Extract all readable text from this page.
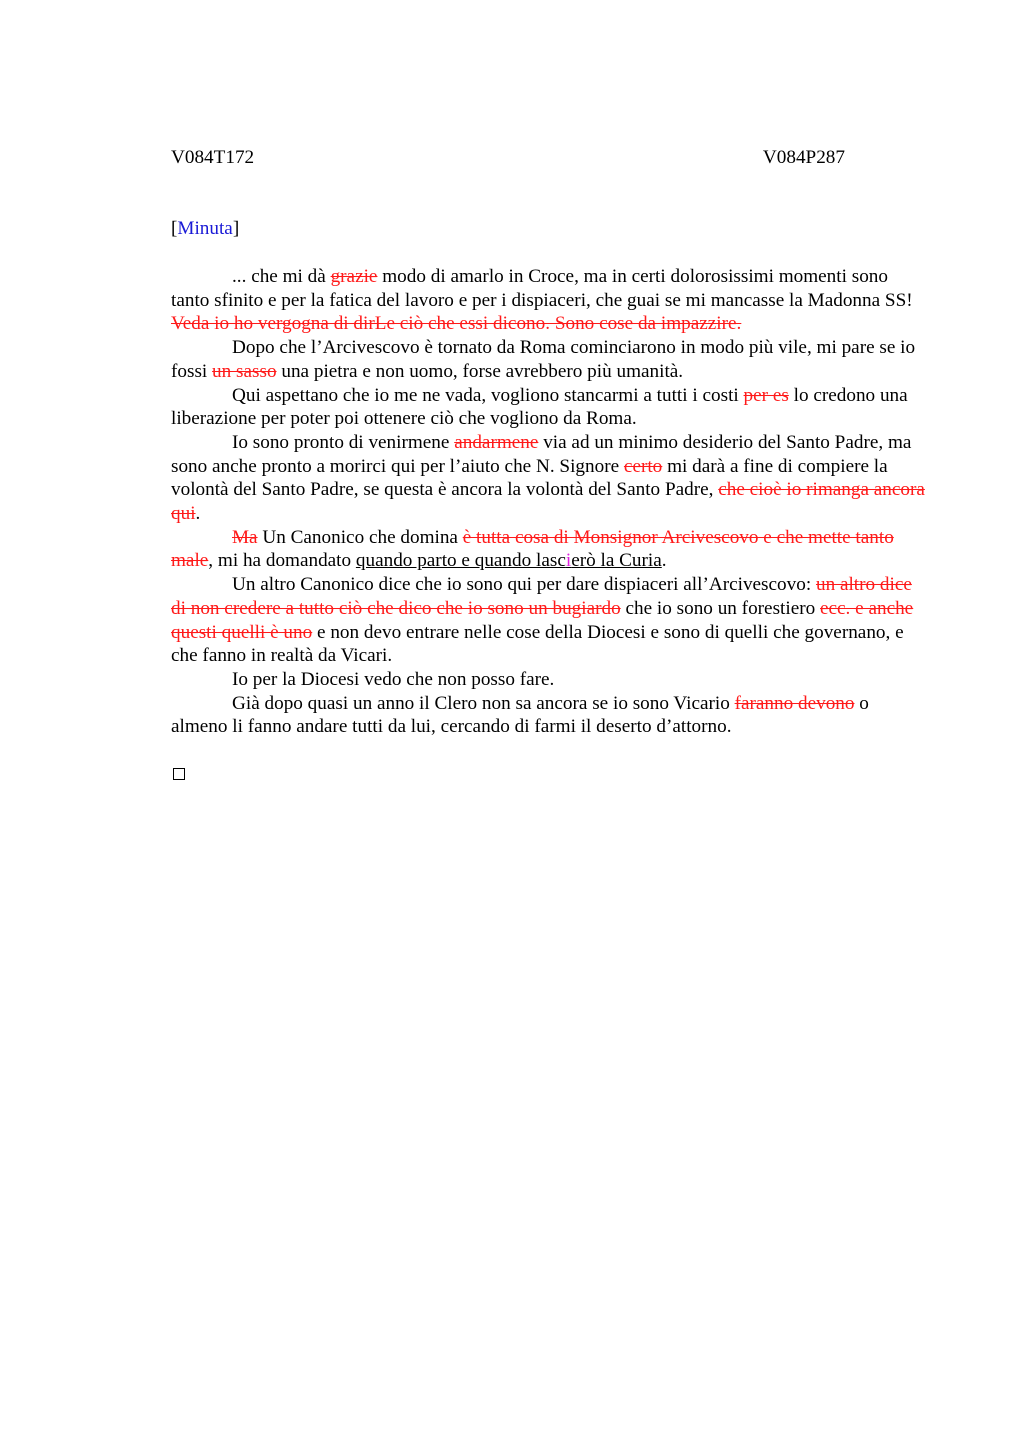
V084T172	V084P287
[Minuta]

... che mi dà grazie modo di amarlo in Croce, ma in certi dolorosissimi momenti sono tanto sfinito e per la fatica del lavoro e per i dispiaceri, che guai se mi mancasse la Madonna SS! Veda io ho vergogna di dirLe ciò che essi dicono. Sono cose da impazzire.

Dopo che l’Arcivescovo è tornato da Roma cominciarono in modo più vile, mi pare se io fossi un sasso una pietra e non uomo, forse avrebbero più umanità.

Qui aspettano che io me ne vada, vogliono stancarmi a tutti i costi per es lo credono una liberazione per poter poi ottenere ciò che vogliono da Roma.

Io sono pronto di venirmene andarmene via ad un minimo desiderio del Santo Padre, ma sono anche pronto a morirci qui per l’aiuto che N. Signore certo mi darà a fine di compiere la volontà del Santo Padre, se questa è ancora la volontà del Santo Padre, che cioè io rimanga ancora qui.

Ma Un Canonico che domina è tutta cosa di Monsignor Arcivescovo e che mette tanto male, mi ha domandato quando parto e quando lascierò la Curia.

Un altro Canonico dice che io sono qui per dare dispiaceri all’Arcivescovo: un altro dice di non credere a tutto ciò che dico che io sono un bugiardo che io sono un forestiero ecc. e anche questi quelli è uno e non devo entrare nelle cose della Diocesi e sono di quelli che governano, e che fanno in realtà da Vicari.

Io per la Diocesi vedo che non posso fare.

Già dopo quasi un anno il Clero non sa ancora se io sono Vicario faranno devono o almeno li fanno andare tutti da lui, cercando di farmi il deserto d’attorno.
